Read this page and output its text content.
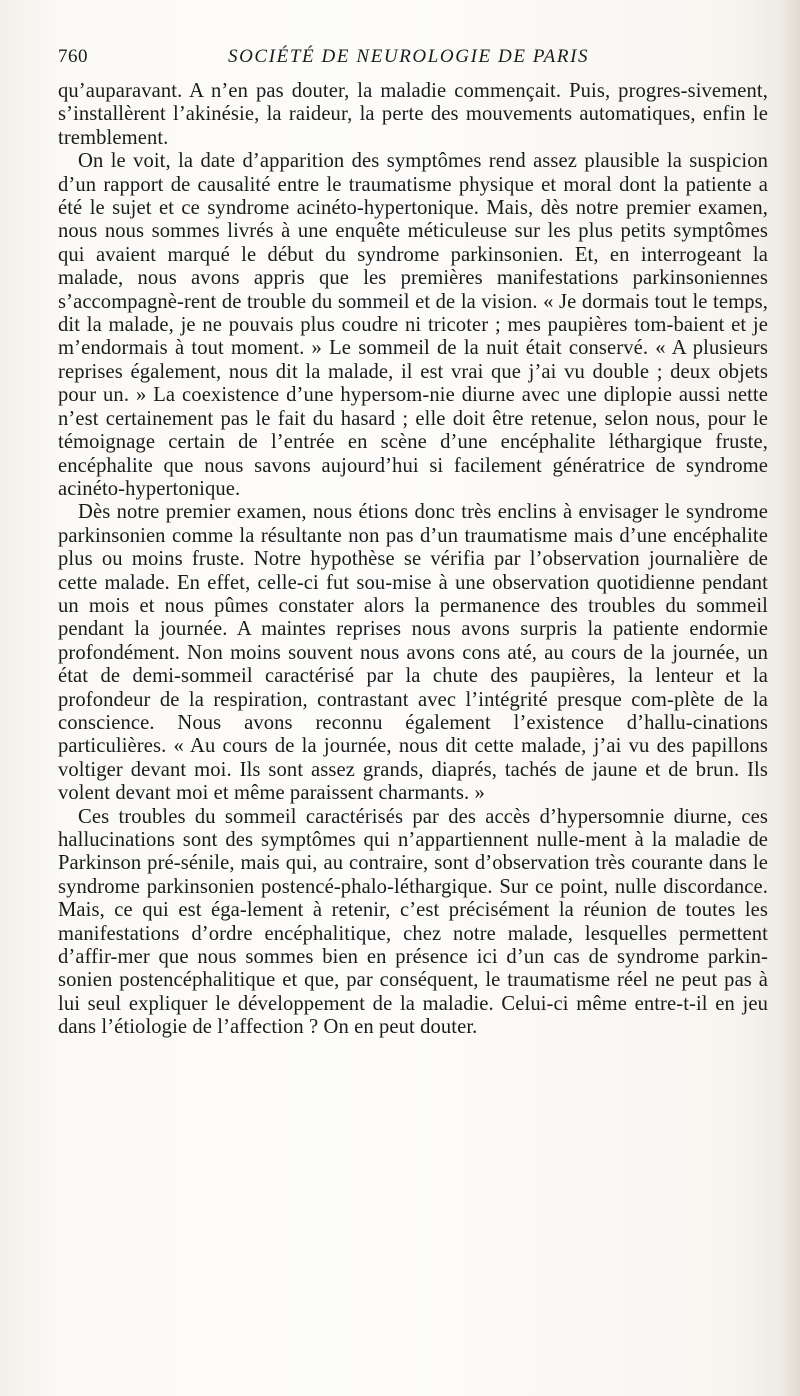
760	SOCIÉTÉ DE NEUROLOGIE DE PARIS

qu’auparavant. A n’en pas douter, la maladie commençait. Puis, progres-sivement, s’installèrent l’akinésie, la raideur, la perte des mouvements automatiques, enfin le tremblement.

On le voit, la date d’apparition des symptômes rend assez plausible la suspicion d’un rapport de causalité entre le traumatisme physique et moral dont la patiente a été le sujet et ce syndrome acinéto-hypertonique. Mais, dès notre premier examen, nous nous sommes livrés à une enquête méticuleuse sur les plus petits symptômes qui avaient marqué le début du syndrome parkinsonien. Et, en interrogeant la malade, nous avons appris que les premières manifestations parkinsoniennes s’accompagnè-rent de trouble du sommeil et de la vision. « Je dormais tout le temps, dit la malade, je ne pouvais plus coudre ni tricoter ; mes paupières tom-baient et je m’endormais à tout moment. » Le sommeil de la nuit était conservé. « A plusieurs reprises également, nous dit la malade, il est vrai que j’ai vu double ; deux objets pour un. » La coexistence d’une hypersom-nie diurne avec une diplopie aussi nette n’est certainement pas le fait du hasard ; elle doit être retenue, selon nous, pour le témoignage certain de l’entrée en scène d’une encéphalite léthargique fruste, encéphalite que nous savons aujourd’hui si facilement génératrice de syndrome acinéto-hypertonique.

Dès notre premier examen, nous étions donc très enclins à envisager le syndrome parkinsonien comme la résultante non pas d’un traumatisme mais d’une encéphalite plus ou moins fruste. Notre hypothèse se vérifia par l’observation journalière de cette malade. En effet, celle-ci fut sou-mise à une observation quotidienne pendant un mois et nous pûmes constater alors la permanence des troubles du sommeil pendant la journée. A maintes reprises nous avons surpris la patiente endormie profondément. Non moins souvent nous avons cons até, au cours de la journée, un état de demi-sommeil caractérisé par la chute des paupières, la lenteur et la profondeur de la respiration, contrastant avec l’intégrité presque com-plète de la conscience. Nous avons reconnu également l’existence d’hallu-cinations particulières. « Au cours de la journée, nous dit cette malade, j’ai vu des papillons voltiger devant moi. Ils sont assez grands, diaprés, tachés de jaune et de brun. Ils volent devant moi et même paraissent charmants. »

Ces troubles du sommeil caractérisés par des accès d’hypersomnie diurne, ces hallucinations sont des symptômes qui n’appartiennent nulle-ment à la maladie de Parkinson pré-sénile, mais qui, au contraire, sont d’observation très courante dans le syndrome parkinsonien postencé-phalo-léthargique. Sur ce point, nulle discordance. Mais, ce qui est éga-lement à retenir, c’est précisément la réunion de toutes les manifestations d’ordre encéphalitique, chez notre malade, lesquelles permettent d’affir-mer que nous sommes bien en présence ici d’un cas de syndrome parkin-sonien postencéphalitique et que, par conséquent, le traumatisme réel ne peut pas à lui seul expliquer le développement de la maladie. Celui-ci même entre-t-il en jeu dans l’étiologie de l’affection ? On en peut douter.
